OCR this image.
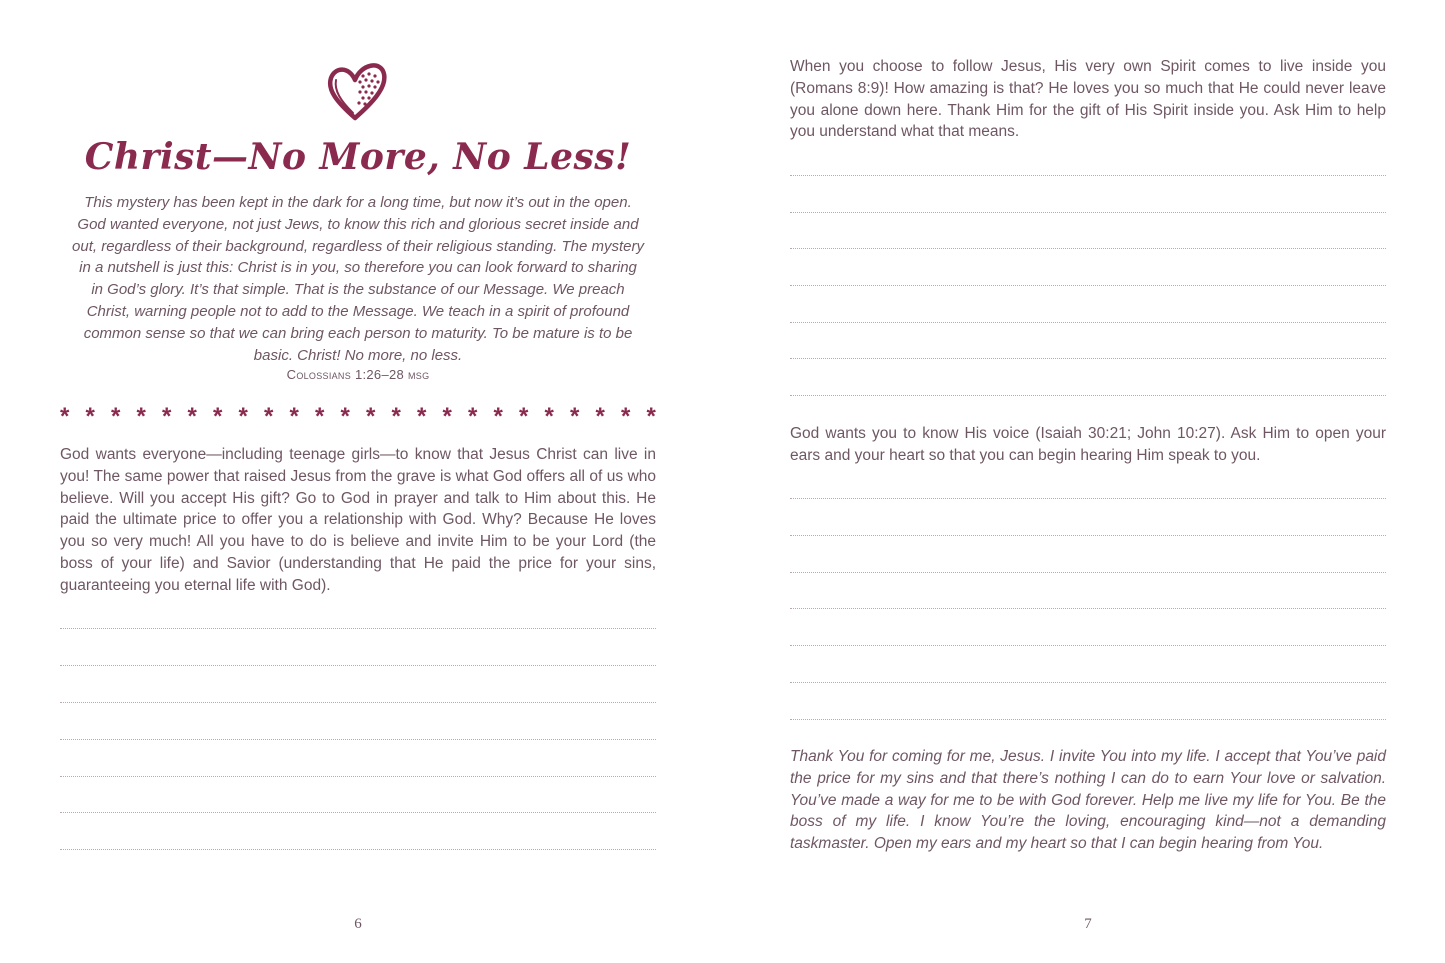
Christ—No More, No Less!

This mystery has been kept in the dark for a long time, but now it’s out in the open. God wanted everyone, not just Jews, to know this rich and glorious secret inside and out, regardless of their background, regardless of their religious standing. The mystery in a nutshell is just this: Christ is in you, so therefore you can look forward to sharing in God’s glory. It’s that simple. That is the substance of our Message. We preach Christ, warning people not to add to the Message. We teach in a spirit of profound common sense so that we can bring each person to maturity. To be mature is to be basic. Christ! No more, no less.

Colossians 1:26–28 msg
* * * * * * * * * * * * * * * * * * * * * * * *

God wants everyone—including teenage girls—to know that Jesus Christ can live in you! The same power that raised Jesus from the grave is what God offers all of us who believe. Will you accept His gift? Go to God in prayer and talk to Him about this. He paid the ultimate price to offer you a relationship with God. Why? Because He loves you so very much! All you have to do is believe and invite Him to be your Lord (the boss of your life) and Savior (understanding that He paid the price for your sins, guaranteeing you eternal life with God).

6

When you choose to follow Jesus, His very own Spirit comes to live inside you (Romans 8:9)! How amazing is that? He loves you so much that He could never leave you alone down here. Thank Him for the gift of His Spirit inside you. Ask Him to help you understand what that means.

God wants you to know His voice (Isaiah 30:21; John 10:27). Ask Him to open your ears and your heart so that you can begin hearing Him speak to you.

Thank You for coming for me, Jesus. I invite You into my life. I accept that You’ve paid the price for my sins and that there’s nothing I can do to earn Your love or salvation. You’ve made a way for me to be with God forever. Help me live my life for You. Be the boss of my life. I know You’re the loving, encouraging kind—not a demanding taskmaster. Open my ears and my heart so that I can begin hearing from You.

7
